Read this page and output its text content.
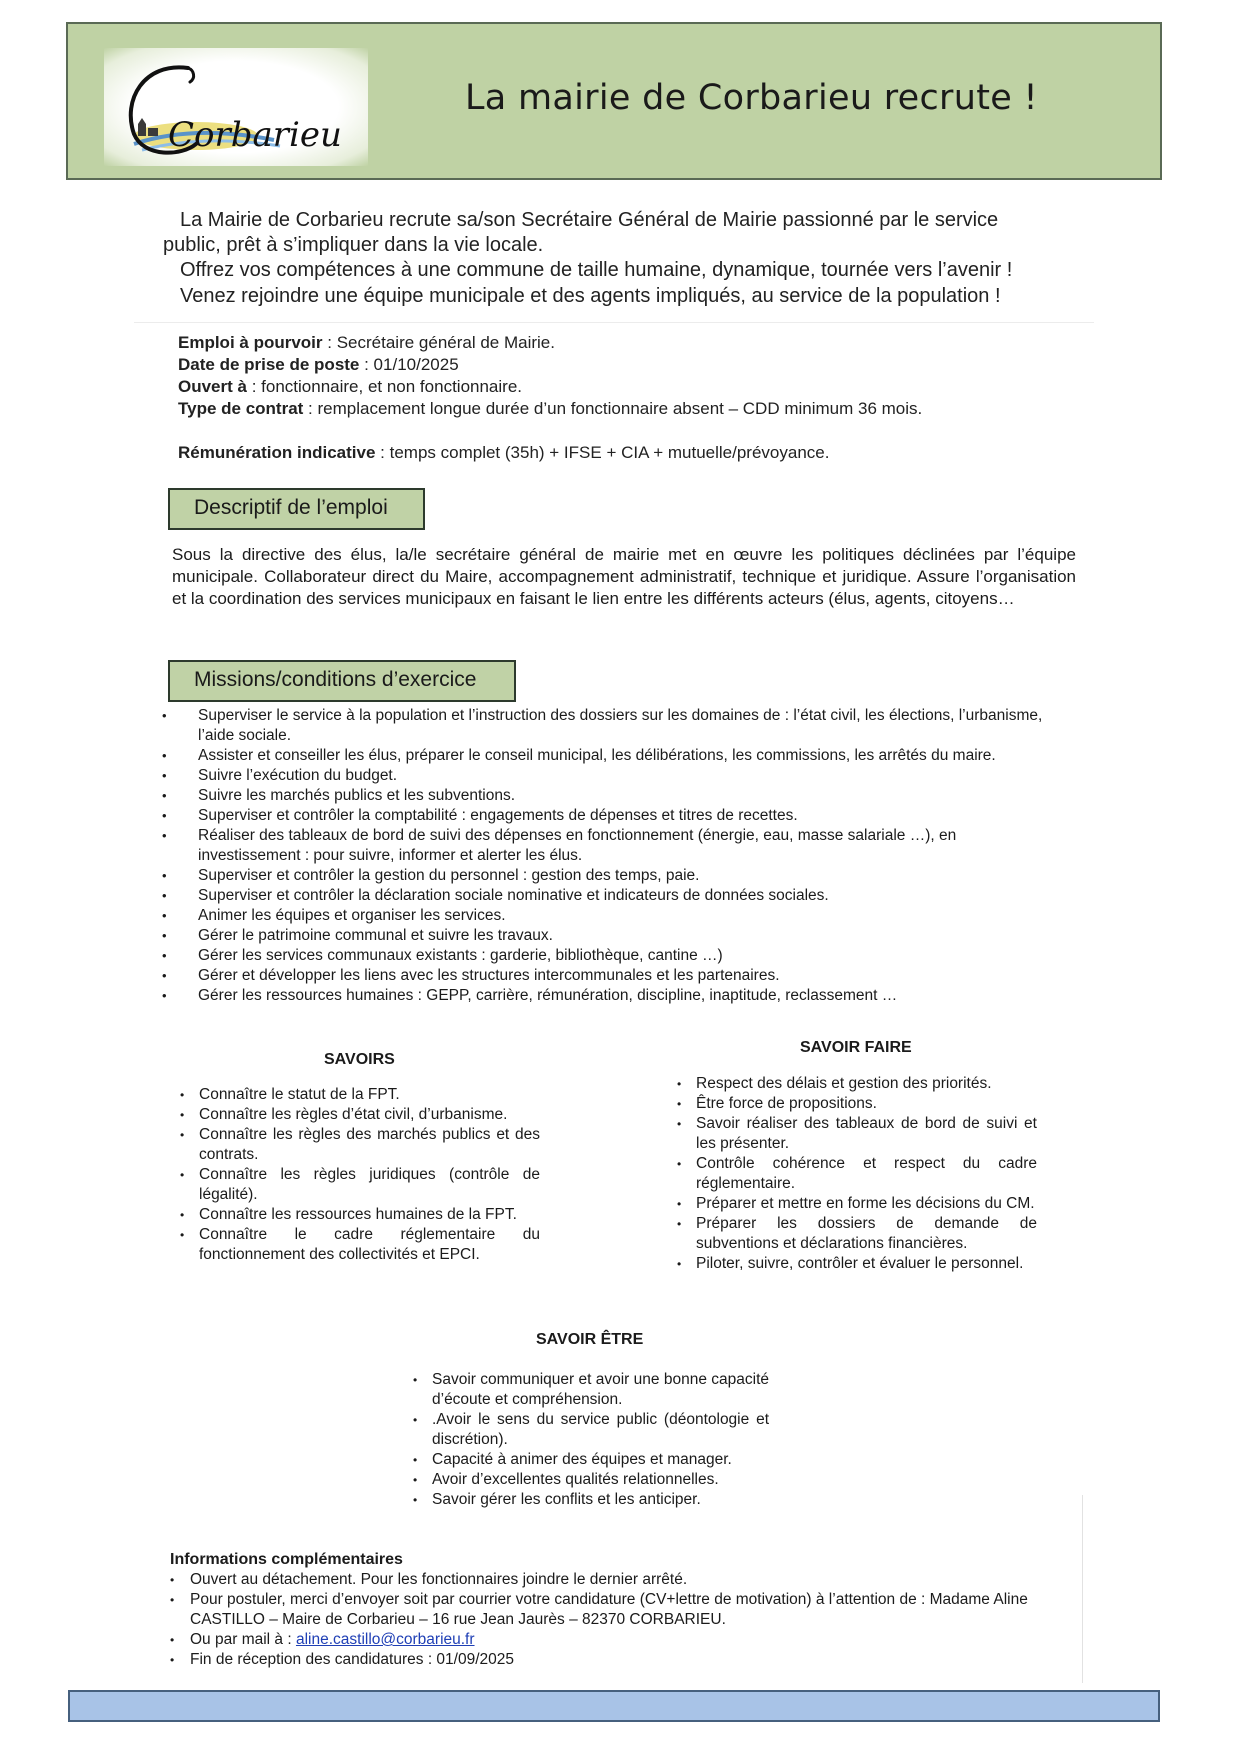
Corbarieu
La mairie de Corbarieu recrute !
La Mairie de Corbarieu recrute sa/son Secrétaire Général de Mairie passionné par le service
public, prêt à s’impliquer dans la vie locale.
Offrez vos compétences à une commune de taille humaine, dynamique, tournée vers l’avenir !
Venez rejoindre une équipe municipale et des agents impliqués, au service de la population !
Emploi à pourvoir : Secrétaire général de Mairie.
Date de prise de poste : 01/10/2025
Ouvert à : fonctionnaire, et non fonctionnaire.
Type de contrat : remplacement longue durée d’un fonctionnaire absent – CDD minimum 36 mois.
Rémunération indicative : temps complet (35h) + IFSE + CIA + mutuelle/prévoyance.
Descriptif de l’emploi
Sous la directive des élus, la/le secrétaire général de mairie met en œuvre les politiques déclinées par l’équipe municipale. Collaborateur direct du Maire, accompagnement administratif, technique et juridique. Assure l’organisation et la coordination des services municipaux en faisant le lien entre les différents acteurs (élus, agents, citoyens…
Missions/conditions d’exercice
• Superviser le service à la population et l’instruction des dossiers sur les domaines de : l’état civil, les élections, l’urbanisme, l’aide sociale.
• Assister et conseiller les élus, préparer le conseil municipal, les délibérations, les commissions, les arrêtés du maire.
• Suivre l’exécution du budget.
• Suivre les marchés publics et les subventions.
• Superviser et contrôler la comptabilité : engagements de dépenses et titres de recettes.
• Réaliser des tableaux de bord de suivi des dépenses en fonctionnement (énergie, eau, masse salariale …), en investissement : pour suivre, informer et alerter les élus.
• Superviser et contrôler la gestion du personnel : gestion des temps, paie.
• Superviser et contrôler la déclaration sociale nominative et indicateurs de données sociales.
• Animer les équipes et organiser les services.
• Gérer le patrimoine communal et suivre les travaux.
• Gérer les services communaux existants : garderie, bibliothèque, cantine …)
• Gérer et développer les liens avec les structures intercommunales et les partenaires.
• Gérer les ressources humaines : GEPP, carrière, rémunération, discipline, inaptitude, reclassement …
SAVOIRS
• Connaître le statut de la FPT.
• Connaître les règles d’état civil, d’urbanisme.
• Connaître les règles des marchés publics et des contrats.
• Connaître les règles juridiques (contrôle de légalité).
• Connaître les ressources humaines de la FPT.
• Connaître le cadre réglementaire du fonctionnement des collectivités et EPCI.
SAVOIR FAIRE
• Respect des délais et gestion des priorités.
• Être force de propositions.
• Savoir réaliser des tableaux de bord de suivi et les présenter.
• Contrôle cohérence et respect du cadre réglementaire.
• Préparer et mettre en forme les décisions du CM.
• Préparer les dossiers de demande de subventions et déclarations financières.
• Piloter, suivre, contrôler et évaluer le personnel.
SAVOIR ÊTRE
• Savoir communiquer et avoir une bonne capacité d’écoute et compréhension.
• .Avoir le sens du service public (déontologie et discrétion).
• Capacité à animer des équipes et manager.
• Avoir d’excellentes qualités relationnelles.
• Savoir gérer les conflits et les anticiper.
Informations complémentaires
• Ouvert au détachement. Pour les fonctionnaires joindre le dernier arrêté.
• Pour postuler, merci d’envoyer soit par courrier votre candidature (CV+lettre de motivation) à l’attention de : Madame Aline CASTILLO – Maire de Corbarieu – 16 rue Jean Jaurès – 82370 CORBARIEU.
• Ou par mail à : aline.castillo@corbarieu.fr
• Fin de réception des candidatures : 01/09/2025
